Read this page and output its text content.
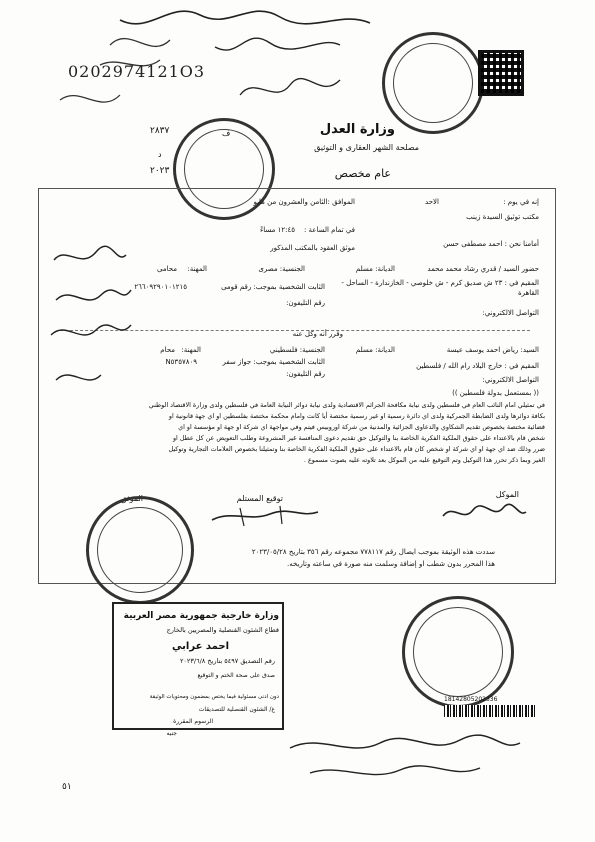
0202974121O3
وزارة العدل
مصلحة الشهر العقارى و التوثيق
عام مخصص
٢٨٣٧	ف
د
٢٠٢٣
إنه في يوم :
الاحد
الموافق :الثامن والعشرون من مايو
مكتب توثيق السيدة زينب
في تمام الساعة :
١٢:٤٥ مساءً
أمامنا نحن : احمد مصطفى حسن
موثق العقود بالمكتب المذكور
حضور السيد / قدري رشاد محمد محمد
الديانة: مسلم
الجنسية: مصرى
المهنة:
محامى
المقيم في : ٢٣ ش صديق كرم - ش خلوصي - الخازندارة - الساحل -
القاهرة
الثابت الشخصية بموجب: رقم قومى
٢٦٦٠٩٢٩٠١٠١٢١٥
رقم التليفون:
التواصل الالكتروني:
وقرر أنه وكل عنه
السيد: رياض احمد يوسف عيسة
الديانة: مسلم
الجنسية: فلسطيني
المهنة:
محام
المقيم في : خارج البلاد رام الله / فلسطين
الثابت الشخصية بموجب: جواز سفر
N٥٣٥٧٨٠٩
رقم التليفون:
التواصل الالكتروني:
(( بمستعمل بدولة فلسطين ))
في تمثيلي امام النائب العام في فلسطين ولدى نيابة مكافحة الجرائم الاقتصادية ولدى نيابة دوائر النيابة العامة في فلسطين ولدى وزارة الاقتصاد الوطني
بكافة دوائرها ولدى الضابطة الجمركية ولدى اي دائرة رسمية او غير رسمية مختصة أيا كانت وامام محكمة مختصة بفلسطين او اي جهة قانونية او
قضائية مختصة بخصوص تقديم الشكاوي والدعاوى الجزائية والمدنية من شركة اوروبيس فيتم وفي مواجهة اي شركة او جهة او مؤسسة او اي
شخص قام بالاعتداء على حقوق الملكية الفكرية الخاصة بنا والتوكيل حق تقديم دعوى المنافسة غير المشروعة وطلب التعويض عن كل عطل او
ضرر وذلك ضد اي جهة او اي شركة او شخص كان قام بالاعتداء على حقوق الملكية الفكرية الخاصة بنا وتمثيلنا بخصوص العلامات التجارية وتوكيل
الغير وبما ذكر تحرر هذا التوكيل وتم التوقيع عليه من الموكل بعد تلاوته عليه بصوت مسموع .
الموكل
توقيع المستلم
الموثق
سددت هذه الوثيقة بموجب ايصال رقم ٧٧٨١١٧ مجموعه رقم ٣٥٦ بتاريخ ٢٠٢٣/٠٥/٢٨
هذا المحرر بدون شطب او إضافة وسلمت منه صورة في ساعته وتاريخه.
وزارة خارجية جمهورية مصر العربية
قطاع الشئون القنصلية والمصريين بالخارج
احمد عرابي
رقم التصديق ٥٤٩٧ بتاريخ ٢٠٢٣/٦/٨
صدق على صحة الختم و التوقيع
دون ادنى مسئولية فيما يختص بمضمون ومحتويات الوثيقة
غ/ الشئون القنصلية للتصديقات
الرسوم المقررة
جنيه
18142805202336
٥١
